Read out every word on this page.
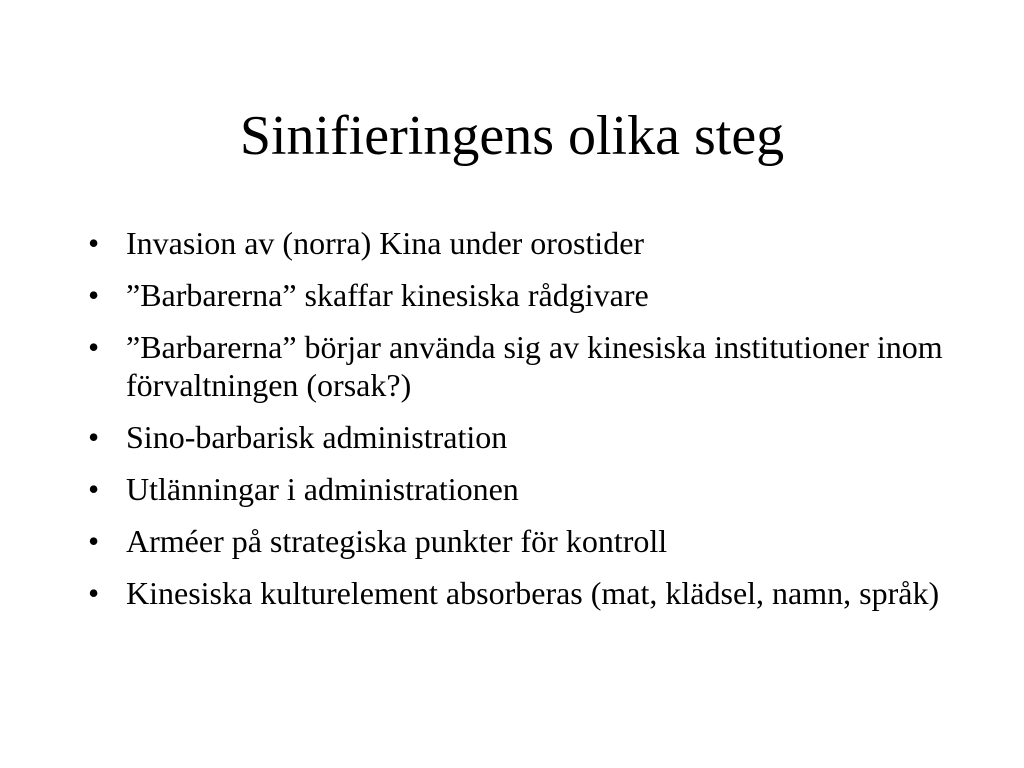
Sinifieringens olika steg
• Invasion av (norra) Kina under orostider
• ”Barbarerna” skaffar kinesiska rådgivare
• ”Barbarerna” börjar använda sig av kinesiska institutioner inom förvaltningen (orsak?)
• Sino-barbarisk administration
• Utlänningar i administrationen
• Arméer på strategiska punkter för kontroll
• Kinesiska kulturelement absorberas (mat, klädsel, namn, språk)
